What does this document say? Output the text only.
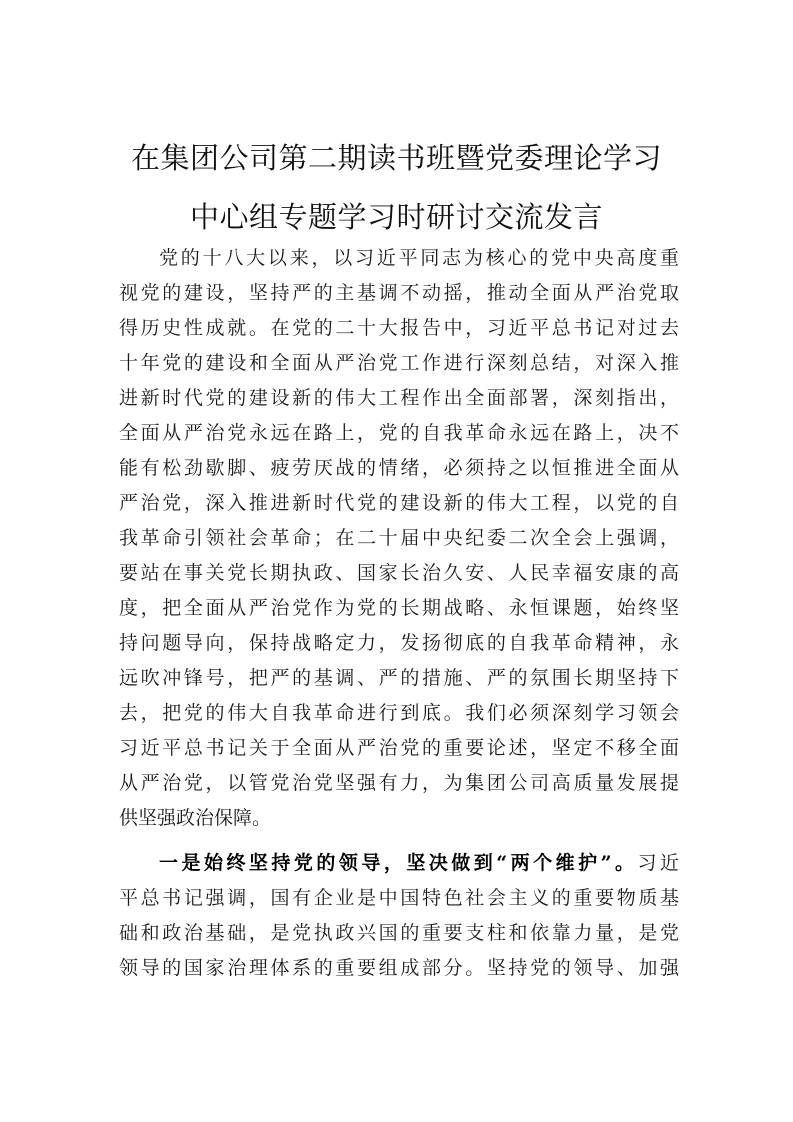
在集团公司第二期读书班暨党委理论学习
中心组专题学习时研讨交流发言
党的十八大以来，以习近平同志为核心的党中央高度重
视党的建设，坚持严的主基调不动摇，推动全面从严治党取
得历史性成就。在党的二十大报告中，习近平总书记对过去
十年党的建设和全面从严治党工作进行深刻总结，对深入推
进新时代党的建设新的伟大工程作出全面部署，深刻指出，
全面从严治党永远在路上，党的自我革命永远在路上，决不
能有松劲歇脚、疲劳厌战的情绪，必须持之以恒推进全面从
严治党，深入推进新时代党的建设新的伟大工程，以党的自
我革命引领社会革命；在二十届中央纪委二次全会上强调，
要站在事关党长期执政、国家长治久安、人民幸福安康的高
度，把全面从严治党作为党的长期战略、永恒课题，始终坚
持问题导向，保持战略定力，发扬彻底的自我革命精神，永
远吹冲锋号，把严的基调、严的措施、严的氛围长期坚持下
去，把党的伟大自我革命进行到底。我们必须深刻学习领会
习近平总书记关于全面从严治党的重要论述，坚定不移全面
从严治党，以管党治党坚强有力，为集团公司高质量发展提
供坚强政治保障。
一是始终坚持党的领导，坚决做到“两个维护”。习近
平总书记强调，国有企业是中国特色社会主义的重要物质基
础和政治基础，是党执政兴国的重要支柱和依靠力量，是党
领导的国家治理体系的重要组成部分。坚持党的领导、加强
